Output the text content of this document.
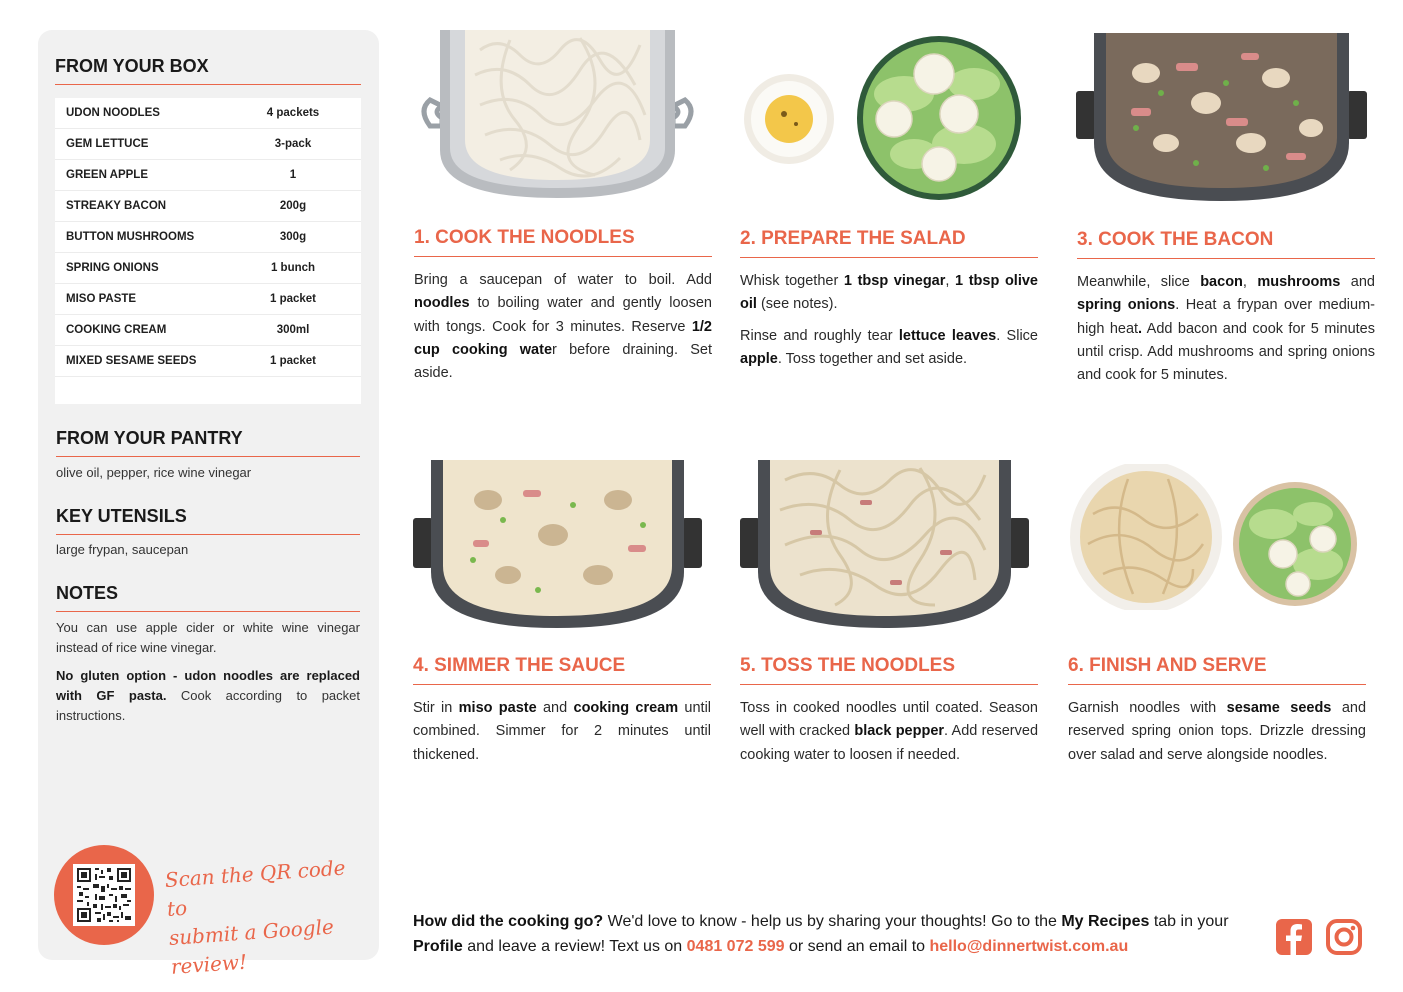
FROM YOUR BOX
UDON NOODLES	4 packets
GEM LETTUCE	3-pack
GREEN APPLE	1
STREAKY BACON	200g
BUTTON MUSHROOMS	300g
SPRING ONIONS	1 bunch
MISO PASTE	1 packet
COOKING CREAM	300ml
MIXED SESAME SEEDS	1 packet
FROM YOUR PANTRY
olive oil, pepper, rice wine vinegar
KEY UTENSILS
large frypan, saucepan
NOTES
You can use apple cider or white wine vinegar instead of rice wine vinegar.
No gluten option - udon noodles are replaced with GF pasta. Cook according to packet instructions.
Scan the QR code to
submit a Google review!
1. COOK THE NOODLES
Bring a saucepan of water to boil. Add noodles to boiling water and gently loosen with tongs. Cook for 3 minutes. Reserve 1/2 cup cooking water before draining. Set aside.
2. PREPARE THE SALAD

Whisk together 1 tbsp vinegar, 1 tbsp olive oil (see notes).

Rinse and roughly tear lettuce leaves. Slice apple. Toss together and set aside.

3. COOK THE BACON
Meanwhile, slice bacon, mushrooms and spring onions. Heat a frypan over medium-high heat. Add bacon and cook for 5 minutes until crisp. Add mushrooms and spring onions and cook for 5 minutes.
4. SIMMER THE SAUCE
Stir in miso paste and cooking cream until combined. Simmer for 2 minutes until thickened.
5. TOSS THE NOODLES
Toss in cooked noodles until coated. Season well with cracked black pepper. Add reserved cooking water to loosen if needed.
6. FINISH AND SERVE
Garnish noodles with sesame seeds and reserved spring onion tops. Drizzle dressing over salad and serve alongside noodles.
How did the cooking go? We'd love to know - help us by sharing your thoughts! Go to the My Recipes tab in your Profile and leave a review! Text us on 0481 072 599 or send an email to hello@dinnertwist.com.au
